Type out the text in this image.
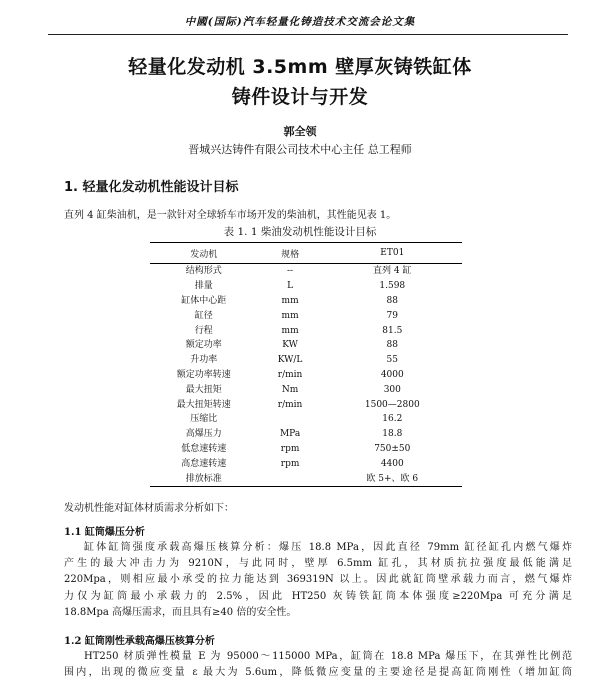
中國(国际)汽车轻量化铸造技术交流会论文集
轻量化发动机 3.5mm 壁厚灰铸铁缸体
铸件设计与开发
郭全领
晋城兴达铸件有限公司技术中心主任 总工程师
1. 轻量化发动机性能设计目标
直列 4 缸柴油机，是一款针对全球轿车市场开发的柴油机，其性能见表 1。
表 1. 1 柴油发动机性能设计目标
发动机	规格	ET01
结构形式	--	直列 4 缸
排量	L	1.598
缸体中心距	mm	88
缸径	mm	79
行程	mm	81.5
额定功率	KW	88
升功率	KW/L	55
额定功率转速	r/min	4000
最大扭矩	Nm	300
最大扭矩转速	r/min	1500—2800
压缩比		16.2
高爆压力	MPa	18.8
低怠速转速	rpm	750±50
高怠速转速	rpm	4400
排放标准		欧 5+、欧 6
发动机性能对缸体材质需求分析如下：
1.1 缸筒爆压分析

缸体缸筒强度承载高爆压核算分析：爆压 18.8 MPa，因此直径 79mm 缸径缸孔内燃气爆炸

产生的最大冲击力为 9210N，与此同时，壁厚 6.5mm 缸孔，其材质抗拉强度最低能满足

220Mpa，则相应最小承受的拉力能达到 369319N 以上。因此就缸筒壁承载力而言，燃气爆炸

力仅为缸筒最小承载力的 2.5%，因此 HT250 灰铸铁缸筒本体强度≥220Mpa 可充分满足

18.8Mpa 高爆压需求，而且具有≥40 倍的安全性。

1.2 缸筒刚性承载高爆压核算分析

HT250 材质弹性模量 E 为 95000～115000 MPa，缸筒在 18.8 MPa 爆压下，在其弹性比例范

围内，出现的微应变量 ε 最大为 5.6um，降低微应变量的主要途径是提高缸筒刚性（增加缸筒
